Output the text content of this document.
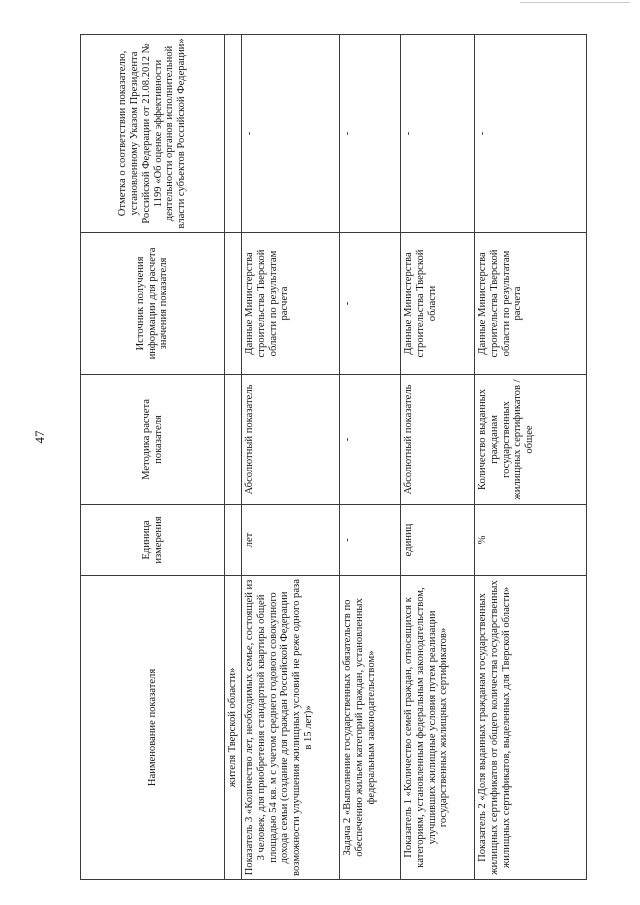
47
Наименование показателя	Единица измерения	Методика расчета показателя	Источник получения информации для расчета значения показателя	Отметка о соответствии показателю, установленному Указом Президента Российской Федерации от 21.08.2012 № 1199 «Об оценке эффективности деятельности органов исполнительной власти субъектов Российской Федерации»
жителя Тверской области»				
Показатель 3 «Количество лет, необходимых семье, состоящей из 3 человек, для приобретения стандартной квартиры общей площадью 54 кв. м с учетом среднего годового совокупного дохода семьи (создание для граждан Российской Федерации возможности улучшения жилищных условий не реже одного раза в 15 лет)»	лет	Абсолютный показатель	Данные Министерства строительства Тверской области по результатам расчета	-
Задача 2 «Выполнение государственных обязательств по обеспечению жильем категорий граждан, установленных федеральным законодательством»	-	-	-	-
Показатель 1 «Количество семей граждан, относящихся к категориям, установленным федеральным законодательством, улучшивших жилищные условия путем реализации государственных жилищных сертификатов»	единиц	Абсолютный показатель	Данные Министерства строительства Тверской области	-
Показатель 2 «Доля выданных гражданам государственных жилищных сертификатов от общего количества государственных жилищных сертификатов, выделенных для Тверской области»	%	Количество выданных гражданам государственных жилищных сертификатов / общее	Данные Министерства строительства Тверской области по результатам расчета	-
